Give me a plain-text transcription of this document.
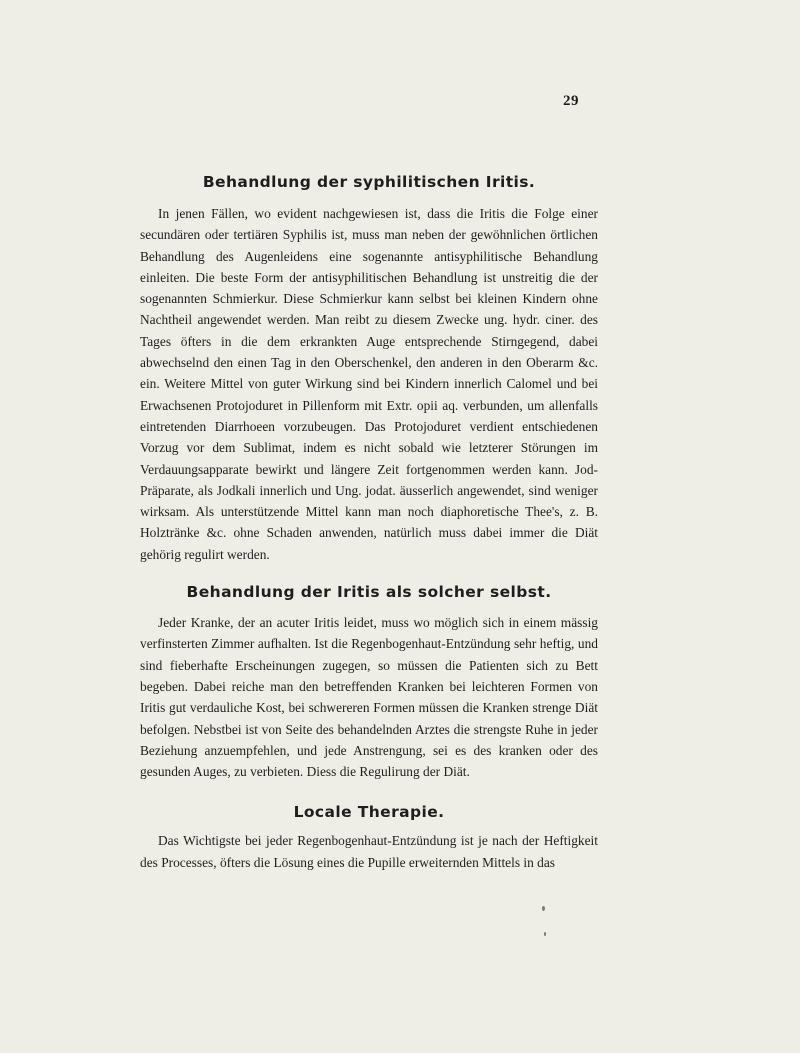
29
Behandlung der syphilitischen Iritis.

In jenen Fällen, wo evident nachgewiesen ist, dass die Iritis die Folge einer secundären oder tertiären Syphilis ist, muss man neben der gewöhnlichen örtlichen Behandlung des Augenleidens eine sogenannte antisyphilitische Behandlung einleiten. Die beste Form der antisyphilitischen Behandlung ist unstreitig die der sogenannten Schmierkur. Diese Schmierkur kann selbst bei kleinen Kindern ohne Nachtheil angewendet werden. Man reibt zu diesem Zwecke ung. hydr. ciner. des Tages öfters in die dem erkrankten Auge entsprechende Stirngegend, dabei abwechselnd den einen Tag in den Oberschenkel, den anderen in den Oberarm &c. ein. Weitere Mittel von guter Wirkung sind bei Kindern innerlich Calomel und bei Erwachsenen Protojoduret in Pillenform mit Extr. opii aq. verbunden, um allenfalls eintretenden Diarrhoeen vorzubeugen. Das Protojoduret verdient entschiedenen Vorzug vor dem Sublimat, indem es nicht sobald wie letzterer Störungen im Verdauungsapparate bewirkt und längere Zeit fortgenommen werden kann. Jod-Präparate, als Jodkali innerlich und Ung. jodat. äusserlich angewendet, sind weniger wirksam. Als unterstützende Mittel kann man noch diaphoretische Thee's, z. B. Holztränke &c. ohne Schaden anwenden, natürlich muss dabei immer die Diät gehörig regulirt werden.

Behandlung der Iritis als solcher selbst.

Jeder Kranke, der an acuter Iritis leidet, muss wo möglich sich in einem mässig verfinsterten Zimmer aufhalten. Ist die Regenbogenhaut-Entzündung sehr heftig, und sind fieberhafte Erscheinungen zugegen, so müssen die Patienten sich zu Bett begeben. Dabei reiche man den betreffenden Kranken bei leichteren Formen von Iritis gut verdauliche Kost, bei schwereren Formen müssen die Kranken strenge Diät befolgen. Nebstbei ist von Seite des behandelnden Arztes die strengste Ruhe in jeder Beziehung anzuempfehlen, und jede Anstrengung, sei es des kranken oder des gesunden Auges, zu verbieten. Diess die Regulirung der Diät.

Locale Therapie.

Das Wichtigste bei jeder Regenbogenhaut-Entzündung ist je nach der Heftigkeit des Processes, öfters die Lösung eines die Pupille erweiternden Mittels in das
